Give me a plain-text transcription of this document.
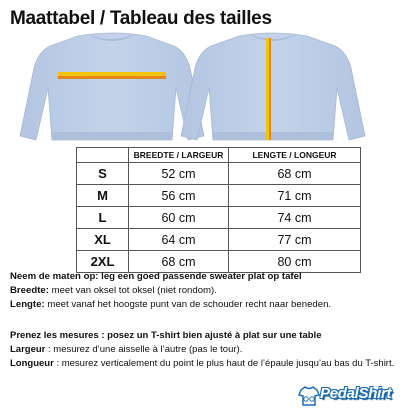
Maattabel / Tableau des tailles
	BREEDTE / LARGEUR	LENGTE / LONGEUR
S	52 cm	68 cm
M	56 cm	71 cm
L	60 cm	74 cm
XL	64 cm	77 cm
2XL	68 cm	80 cm
Neem de maten op: leg een goed passende sweater plat op tafel
Breedte: meet van oksel tot oksel (niet rondom).
Lengte: meet vanaf het hoogste punt van de schouder recht naar beneden.
Prenez les mesures : posez un T-shirt bien ajusté à plat sur une table
Largeur : mesurez d’une aisselle à l’autre (pas le tour).
Longueur : mesurez verticalement du point le plus haut de l’épaule jusqu’au bas du T-shirt.
PedalShirt
